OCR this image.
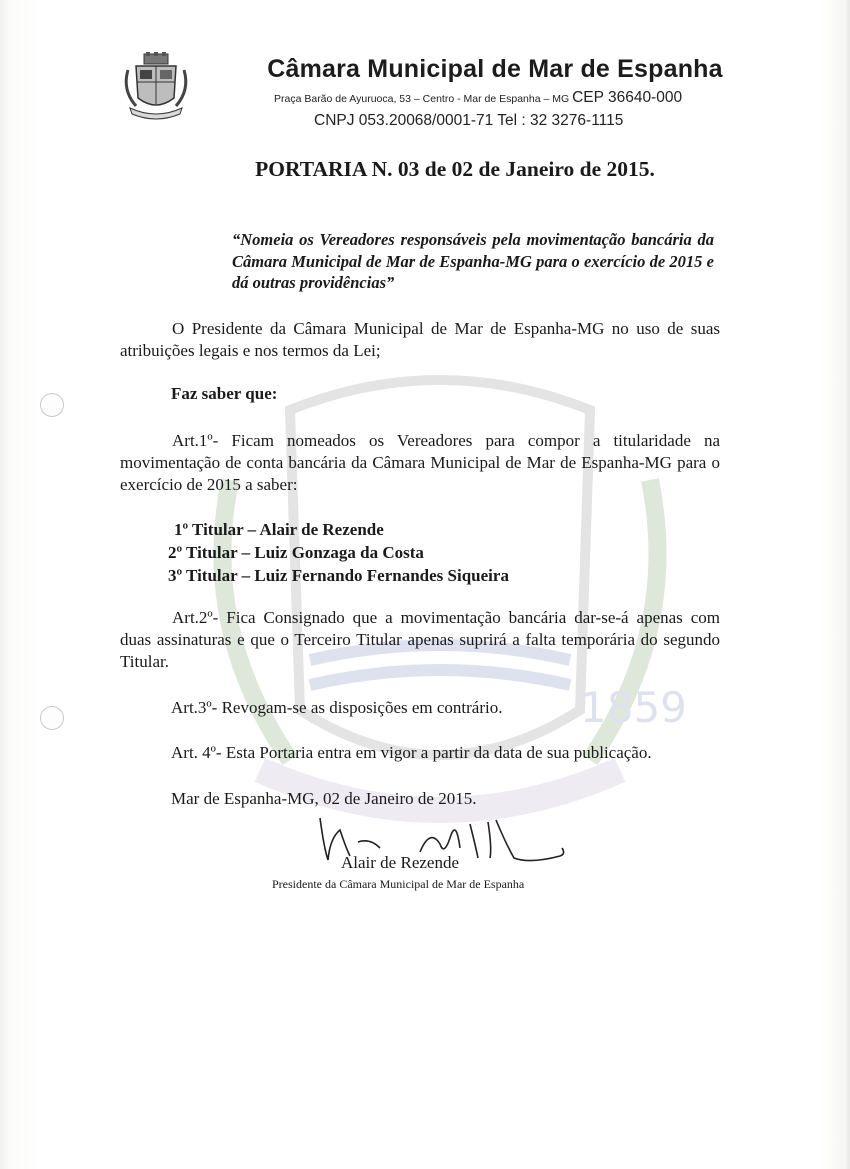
1859
Câmara Municipal de Mar de Espanha
Praça Barão de Ayuruoca, 53 – Centro - Mar de Espanha – MG CEP 36640-000
CNPJ 053.20068/0001-71 Tel : 32 3276-1115
PORTARIA N. 03 de 02 de Janeiro de 2015.
“Nomeia os Vereadores responsáveis pela movimentação bancária da Câmara Municipal de Mar de Espanha-MG para o exercício de 2015 e dá outras providências”
O Presidente da Câmara Municipal de Mar de Espanha-MG no uso de suas atribuições legais e nos termos da Lei;
Faz saber que:
Art.1º- Ficam nomeados os Vereadores para compor a titularidade na movimentação de conta bancária da Câmara Municipal de Mar de Espanha-MG para o exercício de 2015 a saber:
1º Titular – Alair de Rezende
2º Titular – Luiz Gonzaga da Costa
3º Titular – Luiz Fernando Fernandes Siqueira
Art.2º- Fica Consignado que a movimentação bancária dar-se-á apenas com duas assinaturas e que o Terceiro Titular apenas suprirá a falta temporária do segundo Titular.
Art.3º- Revogam-se as disposições em contrário.
Art. 4º- Esta Portaria entra em vigor a partir da data de sua publicação.
Mar de Espanha-MG, 02 de Janeiro de 2015.
Alair de Rezende
Presidente da Câmara Municipal de Mar de Espanha
